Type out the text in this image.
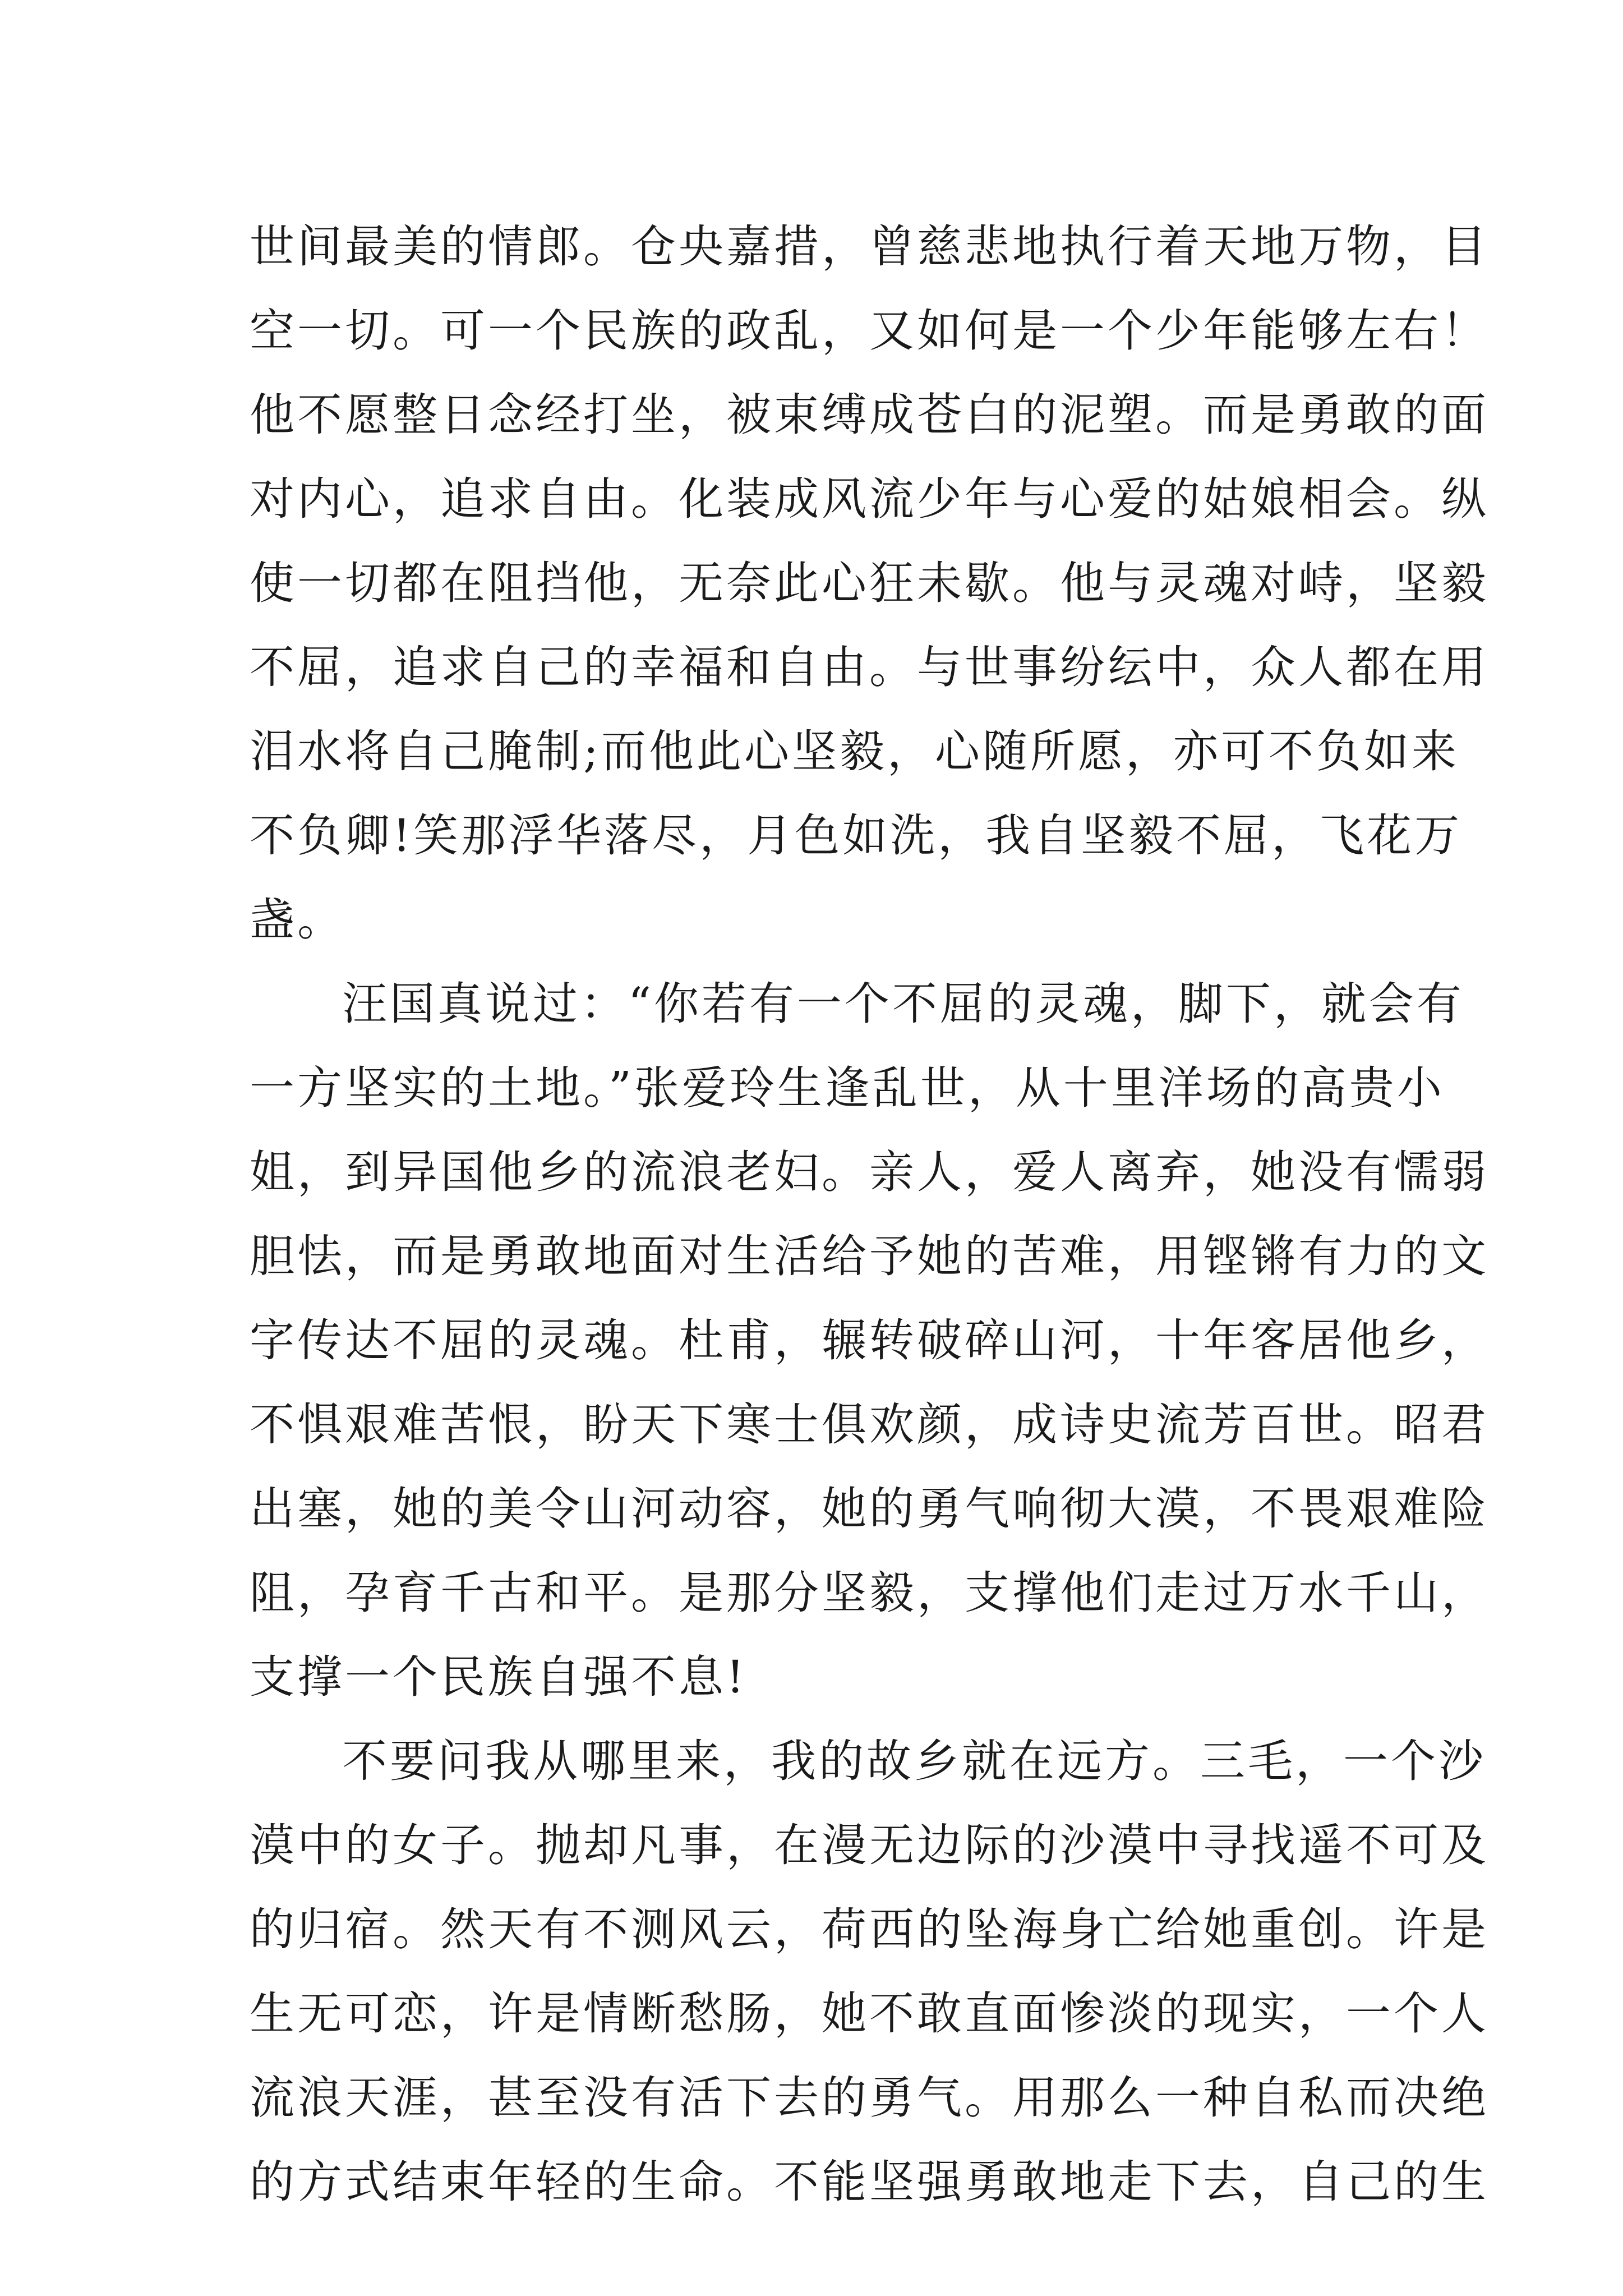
世间最美的情郎。仓央嘉措，曾慈悲地执行着天地万物，目
空一切。可一个民族的政乱，又如何是一个少年能够左右！
他不愿整日念经打坐，被束缚成苍白的泥塑。而是勇敢的面
对内心，追求自由。化装成风流少年与心爱的姑娘相会。纵
使一切都在阻挡他，无奈此心狂未歇。他与灵魂对峙，坚毅
不屈，追求自己的幸福和自由。与世事纷纭中，众人都在用
泪水将自己腌制;而他此心坚毅，心随所愿，亦可不负如来
不负卿!笑那浮华落尽，月色如洗，我自坚毅不屈，飞花万
盏。
汪国真说过：“你若有一个不屈的灵魂，脚下，就会有
一方坚实的土地。”张爱玲生逢乱世，从十里洋场的高贵小
姐，到异国他乡的流浪老妇。亲人，爱人离弃，她没有懦弱
胆怯，而是勇敢地面对生活给予她的苦难，用铿锵有力的文
字传达不屈的灵魂。杜甫，辗转破碎山河，十年客居他乡，
不惧艰难苦恨，盼天下寒士俱欢颜，成诗史流芳百世。昭君
出塞，她的美令山河动容，她的勇气响彻大漠，不畏艰难险
阻，孕育千古和平。是那分坚毅，支撑他们走过万水千山，
支撑一个民族自强不息!
不要问我从哪里来，我的故乡就在远方。三毛，一个沙
漠中的女子。抛却凡事，在漫无边际的沙漠中寻找遥不可及
的归宿。然天有不测风云，荷西的坠海身亡给她重创。许是
生无可恋，许是情断愁肠，她不敢直面惨淡的现实，一个人
流浪天涯，甚至没有活下去的勇气。用那么一种自私而决绝
的方式结束年轻的生命。不能坚强勇敢地走下去，自己的生
